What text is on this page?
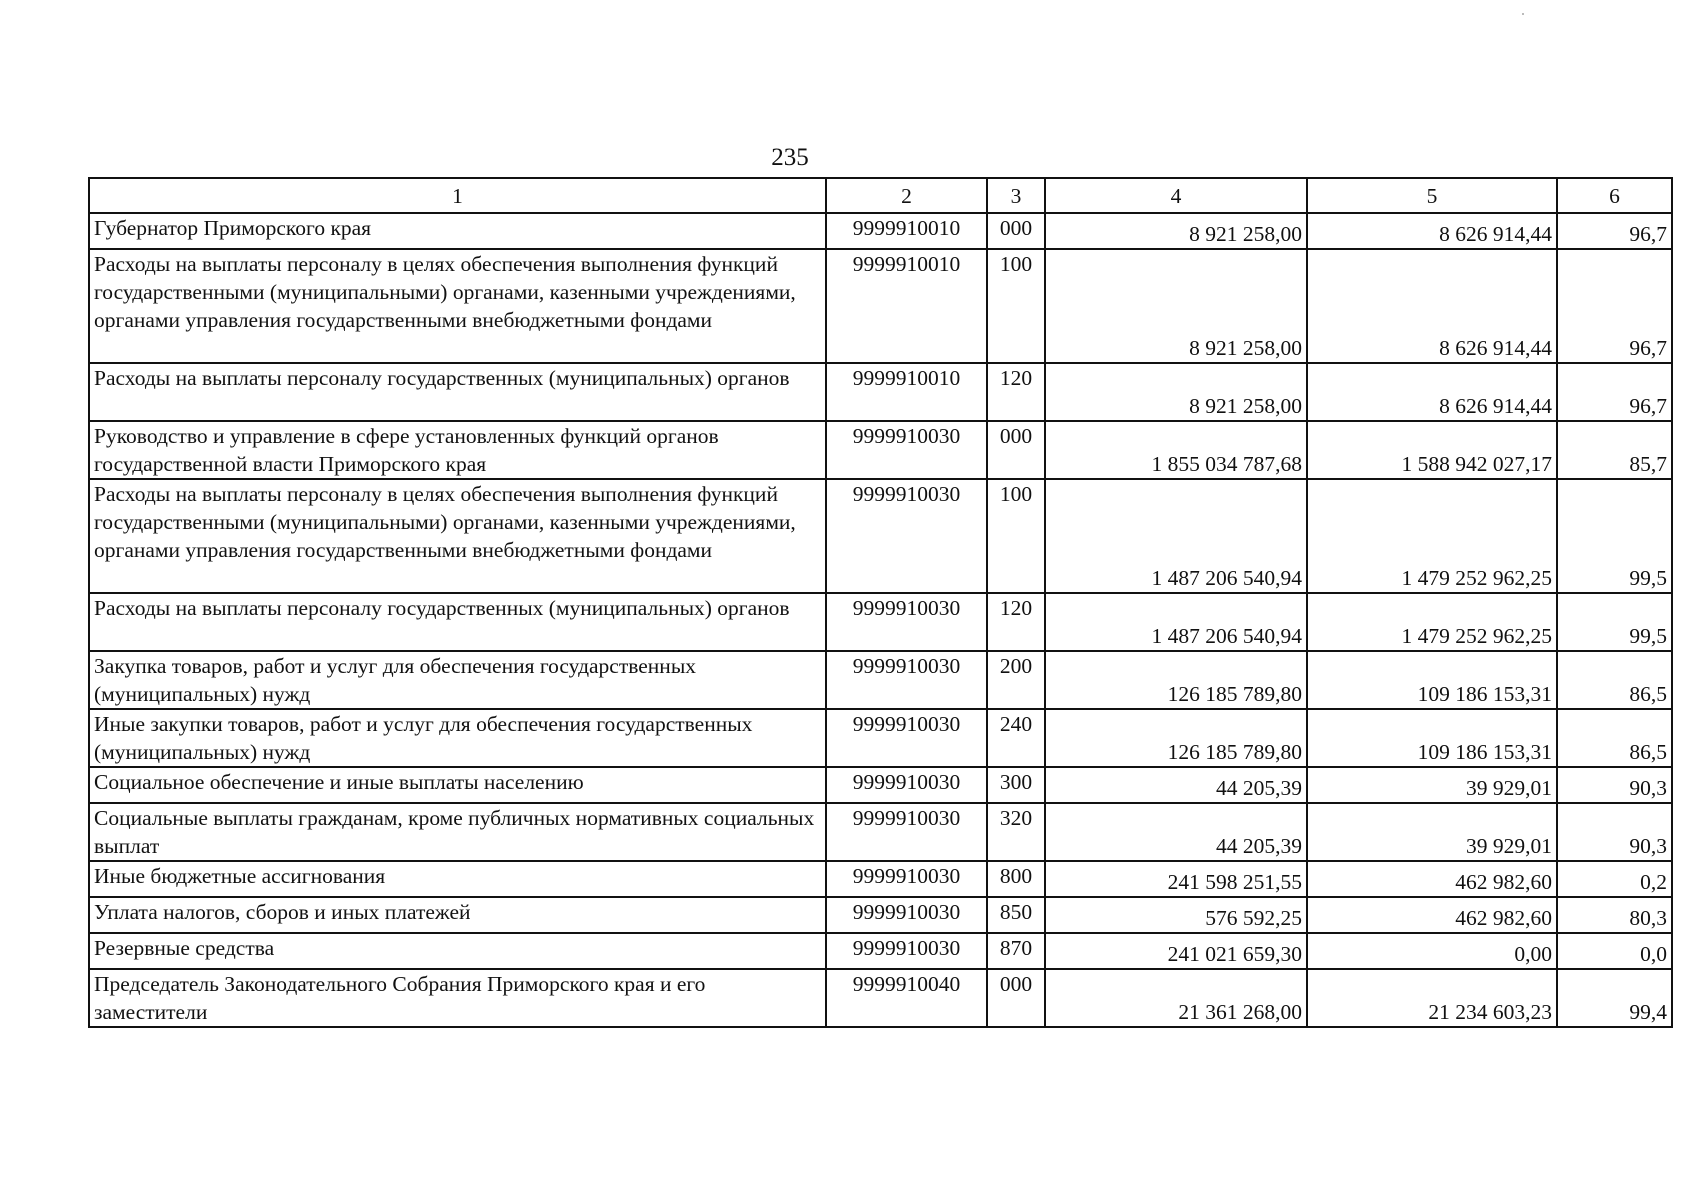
235
1	2	3	4	5	6
Губернатор Приморского края	9999910010	000	8 921 258,00	8 626 914,44	96,7
Расходы на выплаты персоналу в целях обеспечения выполнения функций государственными (муниципальными) органами, казенными учреждениями, органами управления государственными внебюджетными фондами	9999910010	100	8 921 258,00	8 626 914,44	96,7
Расходы на выплаты персоналу государственных (муниципальных) органов	9999910010	120	8 921 258,00	8 626 914,44	96,7
Руководство и управление в сфере установленных функций органов государственной власти Приморского края	9999910030	000	1 855 034 787,68	1 588 942 027,17	85,7
Расходы на выплаты персоналу в целях обеспечения выполнения функций государственными (муниципальными) органами, казенными учреждениями, органами управления государственными внебюджетными фондами	9999910030	100	1 487 206 540,94	1 479 252 962,25	99,5
Расходы на выплаты персоналу государственных (муниципальных) органов	9999910030	120	1 487 206 540,94	1 479 252 962,25	99,5
Закупка товаров, работ и услуг для обеспечения государственных (муниципальных) нужд	9999910030	200	126 185 789,80	109 186 153,31	86,5
Иные закупки товаров, работ и услуг для обеспечения государственных (муниципальных) нужд	9999910030	240	126 185 789,80	109 186 153,31	86,5
Социальное обеспечение и иные выплаты населению	9999910030	300	44 205,39	39 929,01	90,3
Социальные выплаты гражданам, кроме публичных нормативных социальных выплат	9999910030	320	44 205,39	39 929,01	90,3
Иные бюджетные ассигнования	9999910030	800	241 598 251,55	462 982,60	0,2
Уплата налогов, сборов и иных платежей	9999910030	850	576 592,25	462 982,60	80,3
Резервные средства	9999910030	870	241 021 659,30	0,00	0,0
Председатель Законодательного Собрания Приморского края и его заместители	9999910040	000	21 361 268,00	21 234 603,23	99,4
